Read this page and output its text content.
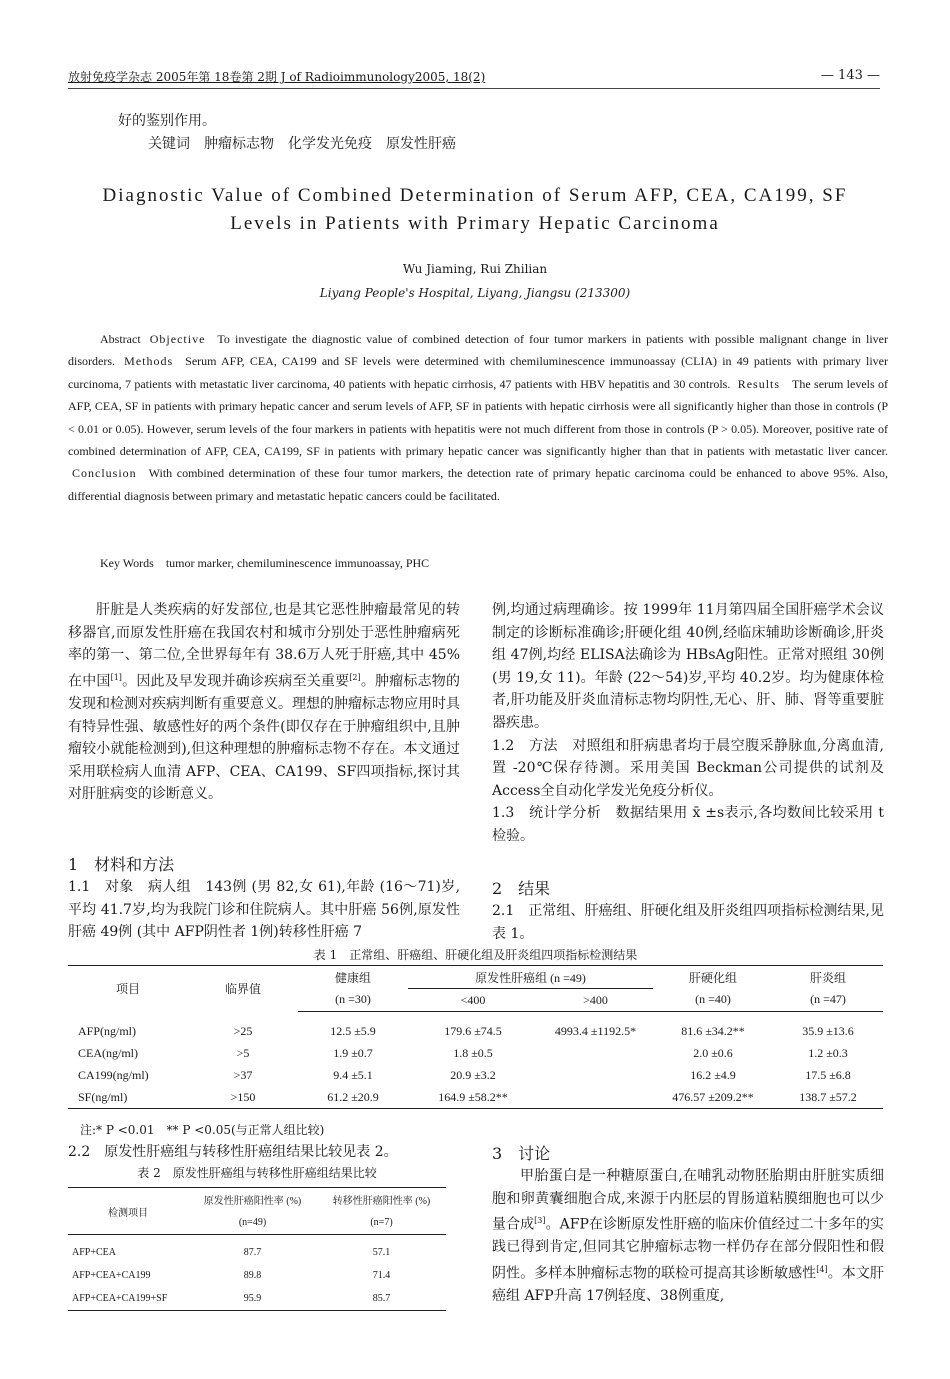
放射免疫学杂志 2005年第 18卷第 2期 J of Radioimmunology2005, 18(2)	— 143 —
好的鉴别作用。
关键词　 肿瘤标志物　化学发光免疫　原发性肝癌
Diagnostic Value of Combined Determination of Serum AFP, CEA, CA199, SF
Levels in Patients with Primary Hepatic Carcinoma
Wu Jiaming, Rui Zhilian
Liyang People's Hospital, Liyang, Jiangsu (213300)
Abstract Objective To investigate the diagnostic value of combined detection of four tumor markers in patients with possible malignant change in liver disorders. Methods Serum AFP, CEA, CA199 and SF levels were determined with chemiluminescence immunoassay (CLIA) in 49 patients with primary liver curcinoma, 7 patients with metastatic liver carcinoma, 40 patients with hepatic cirrhosis, 47 patients with HBV hepatitis and 30 controls. Results The serum levels of AFP, CEA, SF in patients with primary hepatic cancer and serum levels of AFP, SF in patients with hepatic cirrhosis were all significantly higher than those in controls (P < 0.01 or 0.05). However, serum levels of the four markers in patients with hepatitis were not much different from those in controls (P > 0.05). Moreover, positive rate of combined determination of AFP, CEA, CA199, SF in patients with primary hepatic cancer was significantly higher than that in patients with metastatic liver cancer. Conclusion With combined determination of these four tumor markers, the detection rate of primary hepatic carcinoma could be enhanced to above 95%. Also, differential diagnosis between primary and metastatic hepatic cancers could be facilitated.
Key Words tumor marker, chemiluminescence immunoassay, PHC

肝脏是人类疾病的好发部位,也是其它恶性肿瘤最常见的转移器官,而原发性肝癌在我国农村和城市分别处于恶性肿瘤病死率的第一、第二位,全世界每年有 38.6万人死于肝癌,其中 45%在中国[1]。因此及早发现并确诊疾病至关重要[2]。肿瘤标志物的发现和检测对疾病判断有重要意义。理想的肿瘤标志物应用时具有特异性强、敏感性好的两个条件(即仅存在于肿瘤组织中,且肿瘤较小就能检测到),但这种理想的肿瘤标志物不存在。本文通过采用联检病人血清 AFP、CEA、CA199、SF四项指标,探讨其对肝脏病变的诊断意义。

1　材料和方法

1.1　对象　 病人组　143例 (男 82,女 61),年龄 (16～71)岁,平均 41.7岁,均为我院门诊和住院病人。其中肝癌 56例,原发性肝癌 49例 (其中 AFP阴性者 1例)转移性肝癌 7

例,均通过病理确诊。按 1999年 11月第四届全国肝癌学术会议制定的诊断标准确诊;肝硬化组 40例,经临床辅助诊断确诊,肝炎组 47例,均经 ELISA法确诊为 HBsAg阳性。正常对照组 30例 (男 19,女 11)。年龄 (22～54)岁,平均 40.2岁。均为健康体检者,肝功能及肝炎血清标志物均阴性,无心、肝、肺、肾等重要脏器疾患。

1.2　方法　 对照组和肝病患者均于晨空腹采静脉血,分离血清,置 -20℃保存待测。采用美国 Beckman公司提供的试剂及 Access全自动化学发光免疫分析仪。

1.3　统计学分析　 数据结果用 x̄ ±s表示,各均数间比较采用 t检验。

2　结果

2.1　 正常组、肝癌组、肝硬化组及肝炎组四项指标检测结果,见表 1。

表 1　正常组、肝癌组、肝硬化组及肝炎组四项指标检测结果
项目	临界值	健康组	原发性肝癌组 (n =49)		肝硬化组	肝炎组
		(n =30)	<400	>400	(n =40)	(n =47)

AFP(ng/ml)	>25	12.5 ±5.9	179.6 ±74.5	4993.4 ±1192.5*	81.6 ±34.2**	35.9 ±13.6
CEA(ng/ml)	>5	1.9 ±0.7	1.8 ±0.5		2.0 ±0.6	1.2 ±0.3
CA199(ng/ml)	>37	9.4 ±5.1	20.9 ±3.2		16.2 ±4.9	17.5 ±6.8
SF(ng/ml)	>150	61.2 ±20.9	164.9 ±58.2**		476.57 ±209.2**	138.7 ±57.2
注:* P <0.01　** P <0.05(与正常人组比较)

2.2　 原发性肝癌组与转移性肝癌组结果比较见表 2。

表 2　原发性肝癌组与转移性肝癌组结果比较
检测项目	原发性肝癌阳性率 (%)	转移性肝癌阳性率 (%)
	(n=49)	(n=7)

AFP+CEA	87.7	57.1
AFP+CEA+CA199	89.8	71.4
AFP+CEA+CA199+SF	95.9	85.7
3　讨论

甲胎蛋白是一种糖原蛋白,在哺乳动物胚胎期由肝脏实质细胞和卵黄囊细胞合成,来源于内胚层的胃肠道粘膜细胞也可以少量合成[3]。AFP在诊断原发性肝癌的临床价值经过二十多年的实践已得到肯定,但同其它肿瘤标志物一样仍存在部分假阳性和假阴性。多样本肿瘤标志物的联检可提高其诊断敏感性[4]。本文肝癌组 AFP升高 17例轻度、38例重度,
